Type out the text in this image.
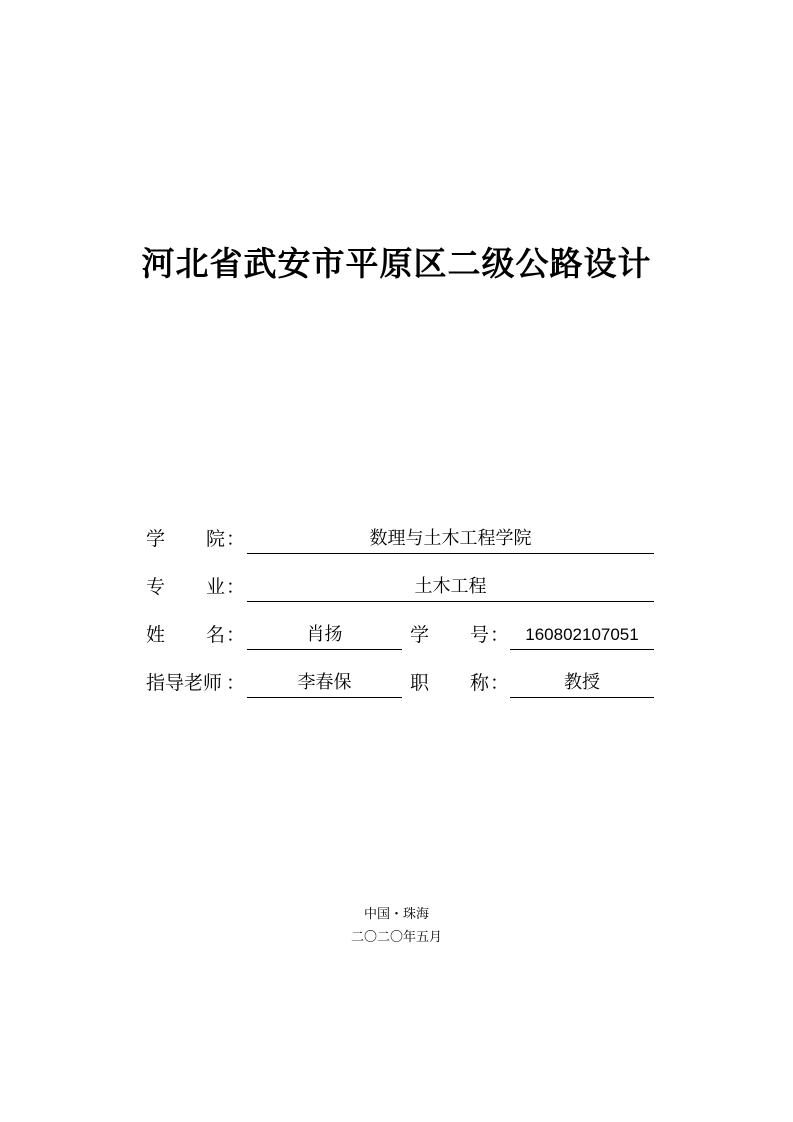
河北省武安市平原区二级公路设计
学 院 ：	数理与土木工程学院
专 业 ：	土木工程
姓 名 ：	肖扬	学 号 ： 160802107051
指导老师 ：	李春保	职 称 ：	教授
中国・珠海
二〇二〇年五月
